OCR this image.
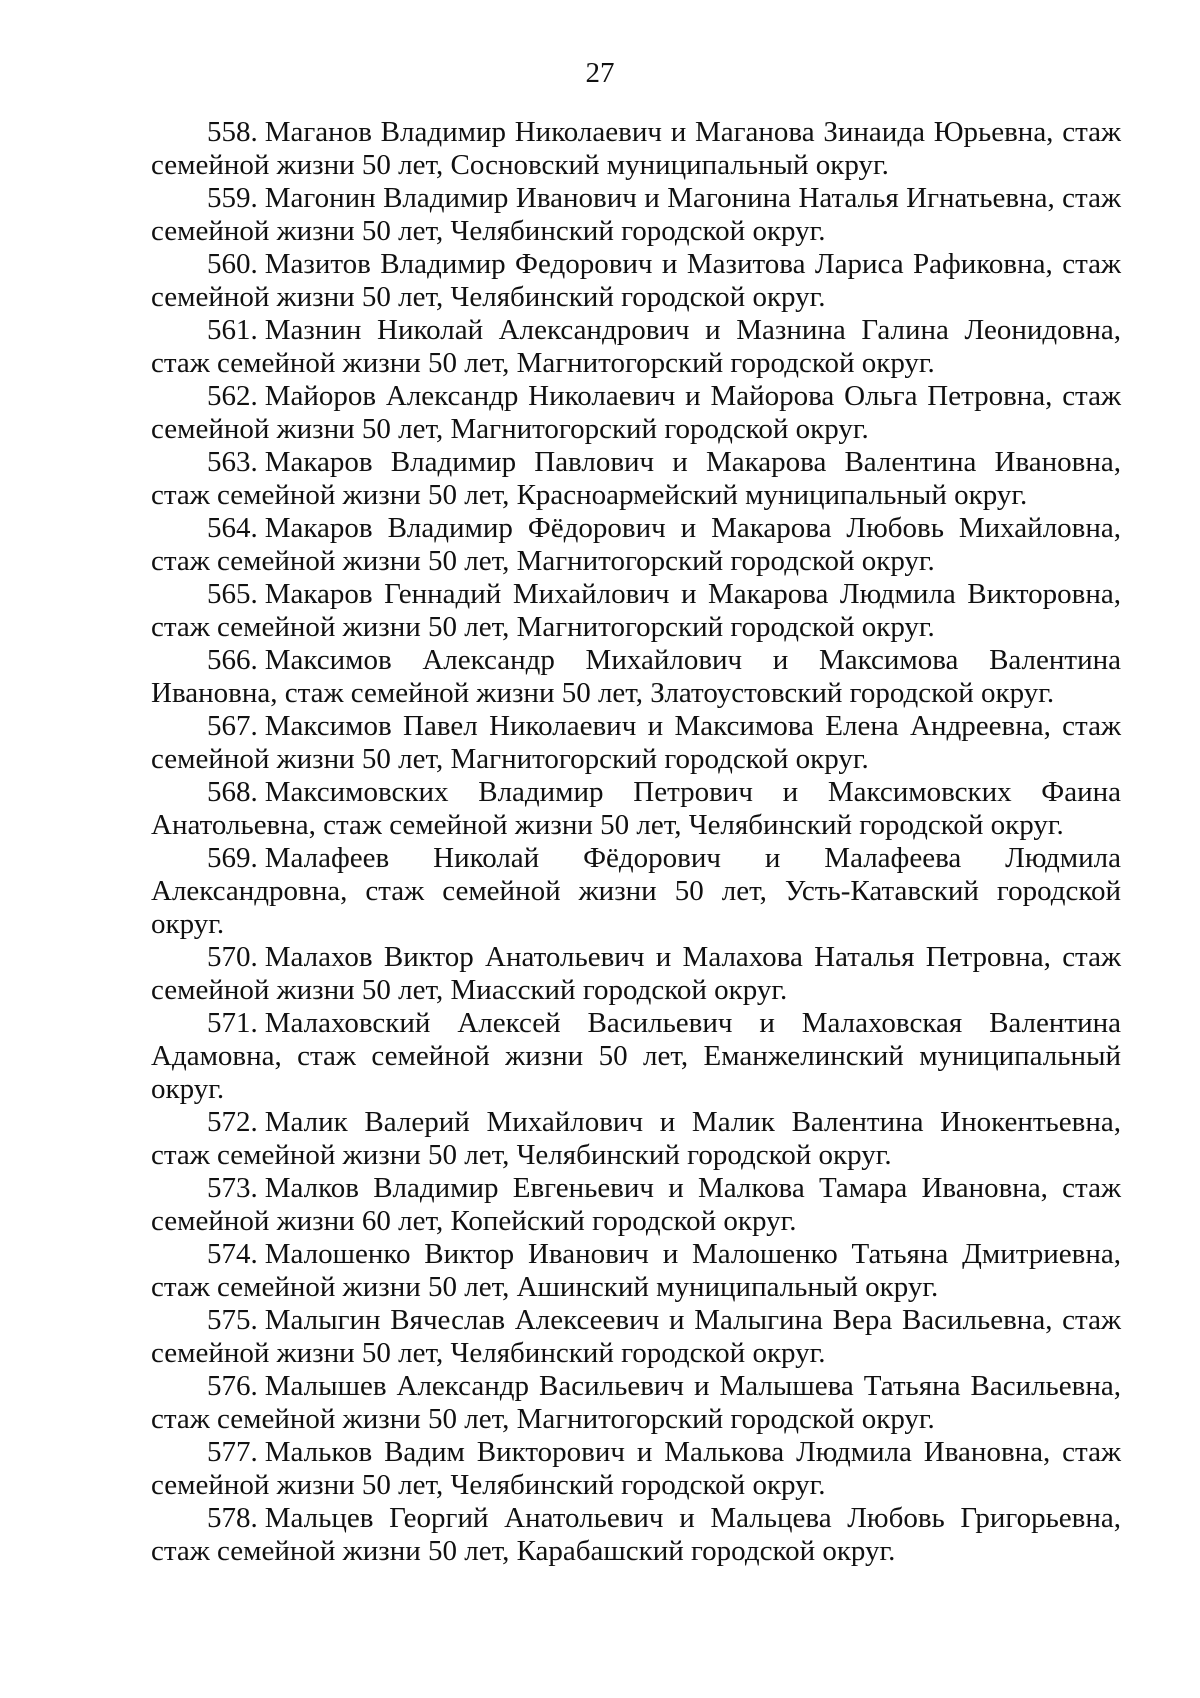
27
558. Маганов Владимир Николаевич и Маганова Зинаида Юрьевна, стаж семейной жизни 50 лет, Сосновский муниципальный округ.
559. Магонин Владимир Иванович и Магонина Наталья Игнатьевна, стаж семейной жизни 50 лет, Челябинский городской округ.
560. Мазитов Владимир Федорович и Мазитова Лариса Рафиковна, стаж семейной жизни 50 лет, Челябинский городской округ.
561. Мазнин Николай Александрович и Мазнина Галина Леонидовна, стаж семейной жизни 50 лет, Магнитогорский городской округ.
562. Майоров Александр Николаевич и Майорова Ольга Петровна, стаж семейной жизни 50 лет, Магнитогорский городской округ.
563. Макаров Владимир Павлович и Макарова Валентина Ивановна, стаж семейной жизни 50 лет, Красноармейский муниципальный округ.
564. Макаров Владимир Фёдорович и Макарова Любовь Михайловна, стаж семейной жизни 50 лет, Магнитогорский городской округ.
565. Макаров Геннадий Михайлович и Макарова Людмила Викторовна, стаж семейной жизни 50 лет, Магнитогорский городской округ.
566. Максимов Александр Михайлович и Максимова Валентина Ивановна, стаж семейной жизни 50 лет, Златоустовский городской округ.
567. Максимов Павел Николаевич и Максимова Елена Андреевна, стаж семейной жизни 50 лет, Магнитогорский городской округ.
568. Максимовских Владимир Петрович и Максимовских Фаина Анатольевна, стаж семейной жизни 50 лет, Челябинский городской округ.
569. Малафеев Николай Фёдорович и Малафеева Людмила Александровна, стаж семейной жизни 50 лет, Усть-Катавский городской округ.
570. Малахов Виктор Анатольевич и Малахова Наталья Петровна, стаж семейной жизни 50 лет, Миасский городской округ.
571. Малаховский Алексей Васильевич и Малаховская Валентина Адамовна, стаж семейной жизни 50 лет, Еманжелинский муниципальный округ.
572. Малик Валерий Михайлович и Малик Валентина Инокентьевна, стаж семейной жизни 50 лет, Челябинский городской округ.
573. Малков Владимир Евгеньевич и Малкова Тамара Ивановна, стаж семейной жизни 60 лет, Копейский городской округ.
574. Малошенко Виктор Иванович и Малошенко Татьяна Дмитриевна, стаж семейной жизни 50 лет, Ашинский муниципальный округ.
575. Малыгин Вячеслав Алексеевич и Малыгина Вера Васильевна, стаж семейной жизни 50 лет, Челябинский городской округ.
576. Малышев Александр Васильевич и Малышева Татьяна Васильевна, стаж семейной жизни 50 лет, Магнитогорский городской округ.
577. Мальков Вадим Викторович и Малькова Людмила Ивановна, стаж семейной жизни 50 лет, Челябинский городской округ.
578. Мальцев Георгий Анатольевич и Мальцева Любовь Григорьевна, стаж семейной жизни 50 лет, Карабашский городской округ.
